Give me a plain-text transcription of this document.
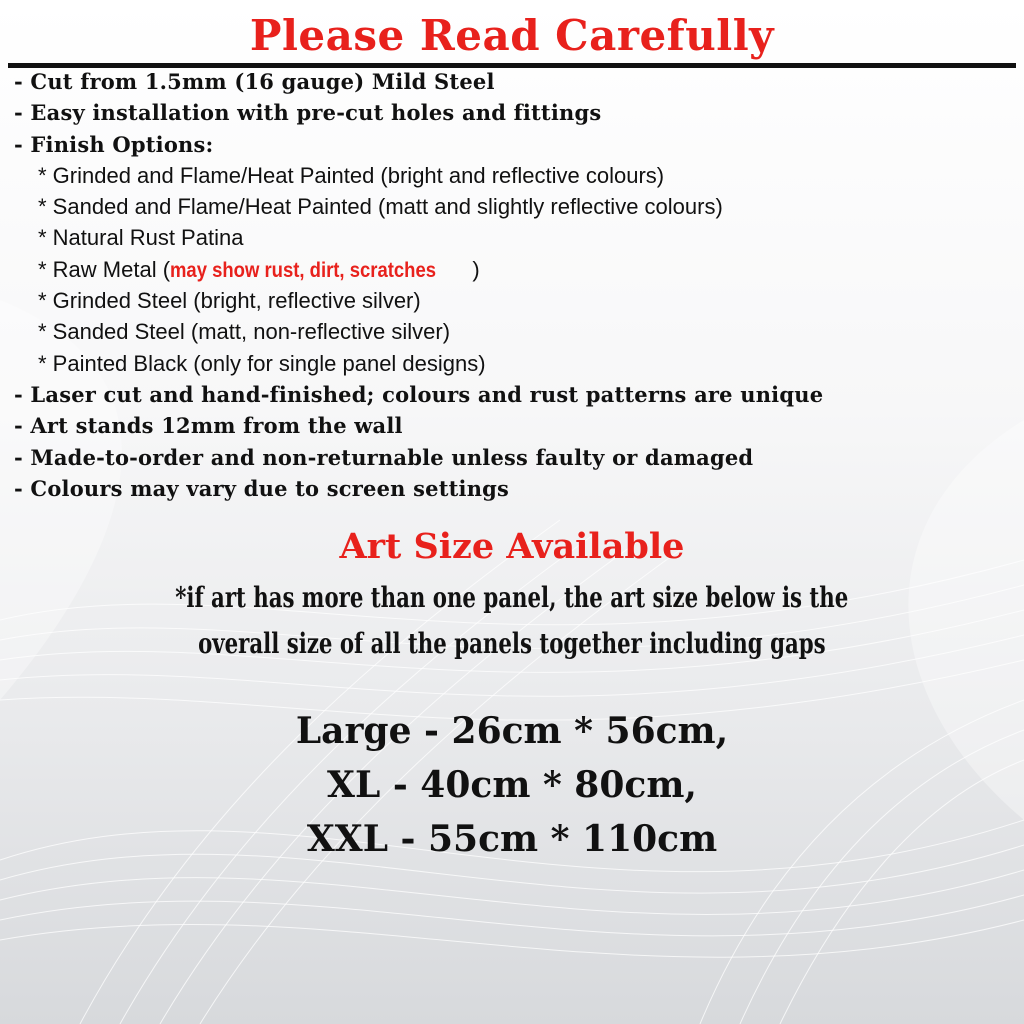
Please Read Carefully
- Cut from 1.5mm (16 gauge) Mild Steel
- Easy installation with pre-cut holes and fittings
- Finish Options:
* Grinded and Flame/Heat Painted (bright and reflective colours)
* Sanded and Flame/Heat Painted (matt and slightly reflective colours)
* Natural Rust Patina
* Raw Metal (may show rust, dirt, scratches )
* Grinded Steel (bright, reflective silver)
* Sanded Steel (matt, non-reflective silver)
* Painted Black (only for single panel designs)
- Laser cut and hand-finished; colours and rust patterns are unique
- Art stands 12mm from the wall
- Made-to-order and non-returnable unless faulty or damaged
- Colours may vary due to screen settings
Art Size Available
*if art has more than one panel, the art size below is the
overall size of all the panels together including gaps
Large - 26cm * 56cm,
XL - 40cm * 80cm,
XXL - 55cm * 110cm
